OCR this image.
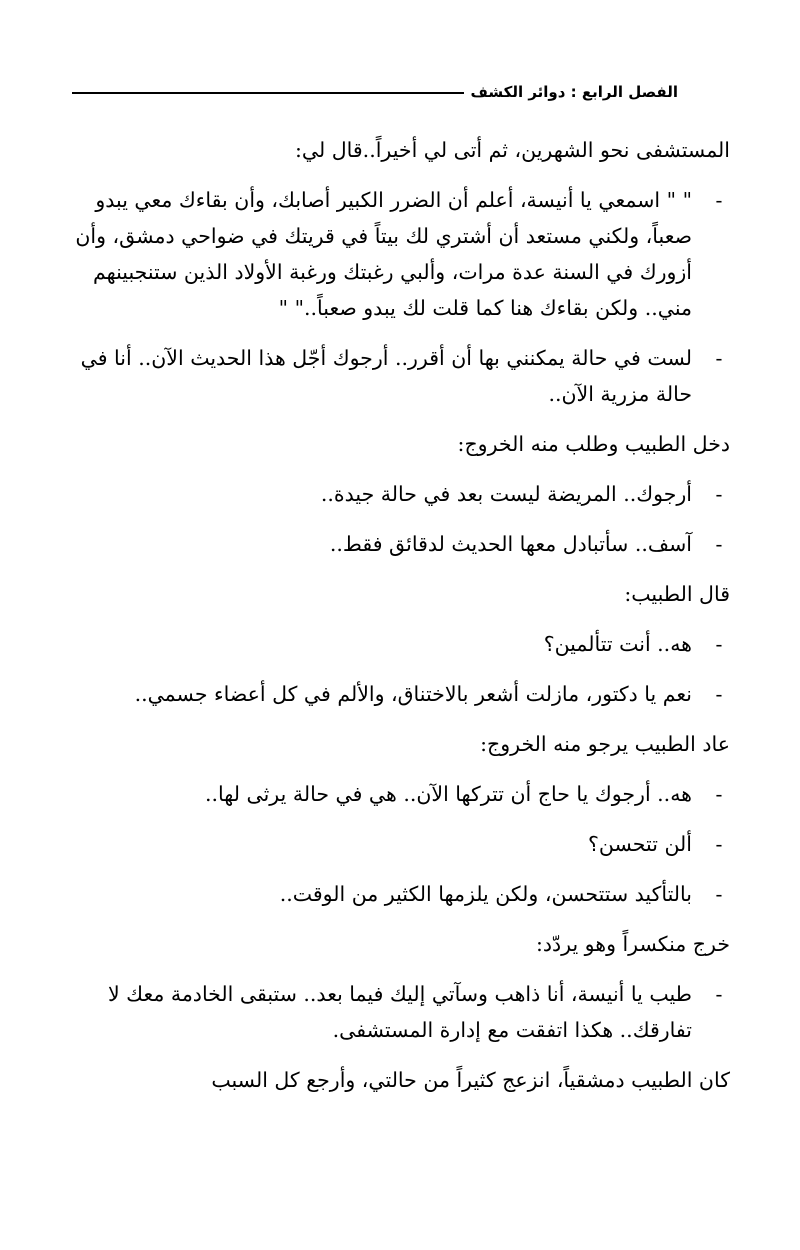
الفصل الرابع : دوائر الكشف

المستشفى نحو الشهرين، ثم أتى لي أخيراً..قال لي:

-
" " اسمعي يا أنيسة، أعلم أن الضرر الكبير أصابك، وأن بقاءك معي يبدو صعباً، ولكني مستعد أن أشتري لك بيتاً في قريتك في ضواحي دمشق، وأن أزورك في السنة عدة مرات، وألبي رغبتك ورغبة الأولاد الذين ستنجبينهم مني.. ولكن بقاءك هنا كما قلت لك يبدو صعباً.." "
-
لست في حالة يمكنني بها أن أقرر.. أرجوك أجّل هذا الحديث الآن.. أنا في حالة مزرية الآن..

دخل الطبيب وطلب منه الخروج:

-
أرجوك.. المريضة ليست بعد في حالة جيدة..
-
آسف.. سأتبادل معها الحديث لدقائق فقط..

قال الطبيب:

-
هه.. أنت تتألمين؟
-
نعم يا دكتور، مازلت أشعر بالاختناق، والألم في كل أعضاء جسمي..

عاد الطبيب يرجو منه الخروج:

-
هه.. أرجوك يا حاج أن تتركها الآن.. هي في حالة يرثى لها..
-
ألن تتحسن؟
-
بالتأكيد ستتحسن، ولكن يلزمها الكثير من الوقت..

خرج منكسراً وهو يردّد:

-
طيب يا أنيسة، أنا ذاهب وسآتي إليك فيما بعد.. ستبقى الخادمة معك لا تفارقك.. هكذا اتفقت مع إدارة المستشفى.

كان الطبيب دمشقياً، انزعج كثيراً من حالتي، وأرجع كل السبب
